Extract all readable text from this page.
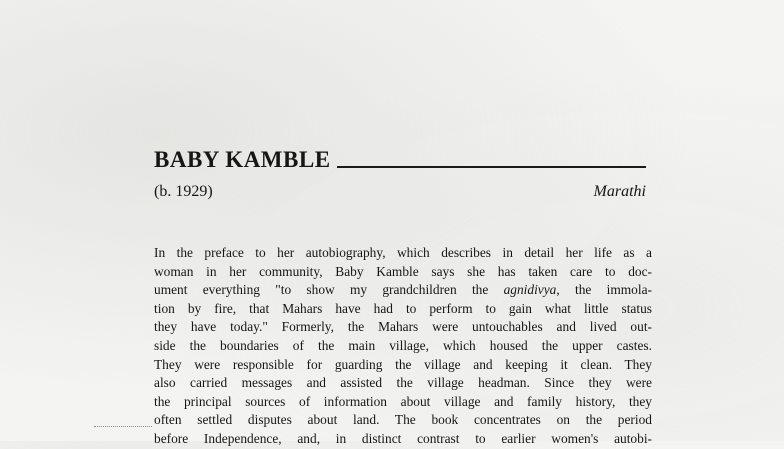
BABY KAMBLE
(b. 1929)	Marathi
In the preface to her autobiography, which describes in detail her life as a
woman in her community, Baby Kamble says she has taken care to doc-
ument everything "to show my grandchildren the agnidivya, the immola-
tion by fire, that Mahars have had to perform to gain what little status
they have today." Formerly, the Mahars were untouchables and lived out-
side the boundaries of the main village, which housed the upper castes.
They were responsible for guarding the village and keeping it clean. They
also carried messages and assisted the village headman. Since they were
the principal sources of information about village and family history, they
often settled disputes about land. The book concentrates on the period
before Independence, and, in distinct contrast to earlier women's autobi-
